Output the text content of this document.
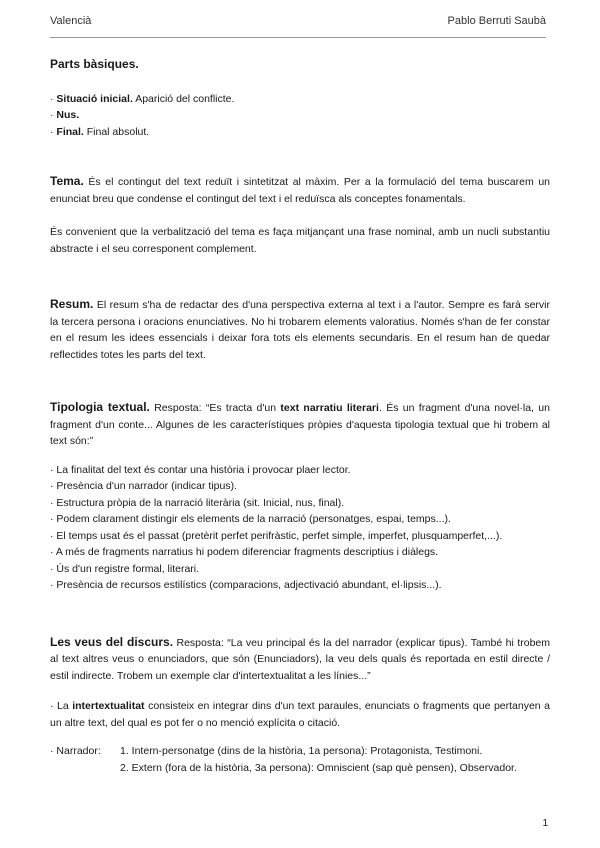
Valencià	Pablo Berruti Saubà
Parts bàsiques.
· Situació inicial. Aparició del conflicte.
· Nus.
· Final. Final absolut.

Tema. És el contingut del text reduït i sintetitzat al màxim. Per a la formulació del tema buscarem un enunciat breu que condense el contingut del text i el reduïsca als conceptes fonamentals.

És convenient que la verbalització del tema es faça mitjançant una frase nominal, amb un nucli substantiu abstracte i el seu corresponent complement.

Resum. El resum s'ha de redactar des d'una perspectiva externa al text i a l'autor. Sempre es farà servir la tercera persona i oracions enunciatives. No hi trobarem elements valoratius. Només s'han de fer constar en el resum les idees essencials i deixar fora tots els elements secundaris. En el resum han de quedar reflectides totes les parts del text.

Tipologia textual. Resposta: “Es tracta d'un text narratiu literari. És un fragment d'una novel·la, un fragment d'un conte... Algunes de les característiques pròpies d'aquesta tipologia textual que hi trobem al text són:”

· La finalitat del text és contar una història i provocar plaer lector.
· Presència d'un narrador (indicar tipus).
· Estructura pròpia de la narració literària (sit. Inicial, nus, final).
· Podem clarament distingir els elements de la narració (personatges, espai, temps...).
· El temps usat és el passat (pretèrit perfet perifràstic, perfet simple, imperfet, plusquamperfet,...).
· A més de fragments narratius hi podem diferenciar fragments descriptius i diàlegs.
· Ús d'un registre formal, literari.
· Presència de recursos estilístics (comparacions, adjectivació abundant, el·lipsis...).

Les veus del discurs. Resposta: “La veu principal és la del narrador (explicar tipus). També hi trobem al text altres veus o enunciadors, que són (Enunciadors), la veu dels quals és reportada en estil directe / estil indirecte. Trobem un exemple clar d'intertextualitat a les línies...”

· La intertextualitat consisteix en integrar dins d'un text paraules, enunciats o fragments que pertanyen a un altre text, del qual es pot fer o no menció explícita o citació.

· Narrador:	1. Intern-personatge (dins de la història, 1a persona): Protagonista, Testimoni.
2. Extern (fora de la història, 3a persona): Omniscient (sap què pensen), Observador.
1
